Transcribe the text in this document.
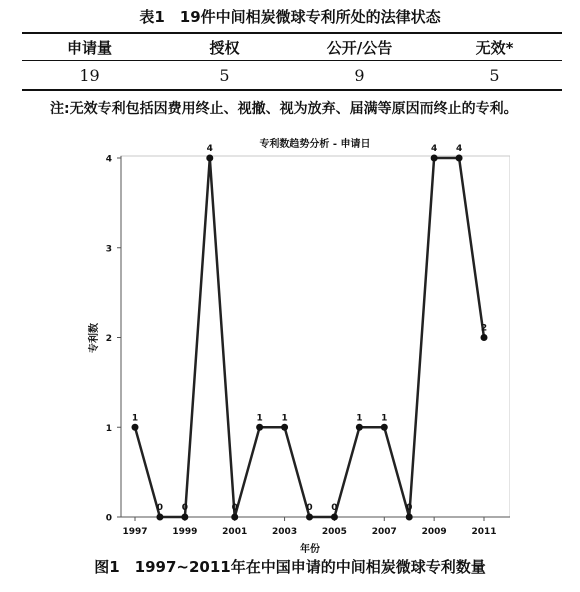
表1　19件中间相炭微球专利所处的法律状态
申请量	授权	公开/公告	无效*
19	5	9	5
注:无效专利包括因费用终止、视撤、视为放弃、届满等原因而终止的专利。
专利数趋势分析 - 申请日
专利数
年份
0
1
2
3
4
1997	1999	2001	2003	2005	2007	2009	2011
1
0 0
4
0
1 1
0 0
1 1
0
4 4
2
图1　1997~2011年在中国申请的中间相炭微球专利数量
